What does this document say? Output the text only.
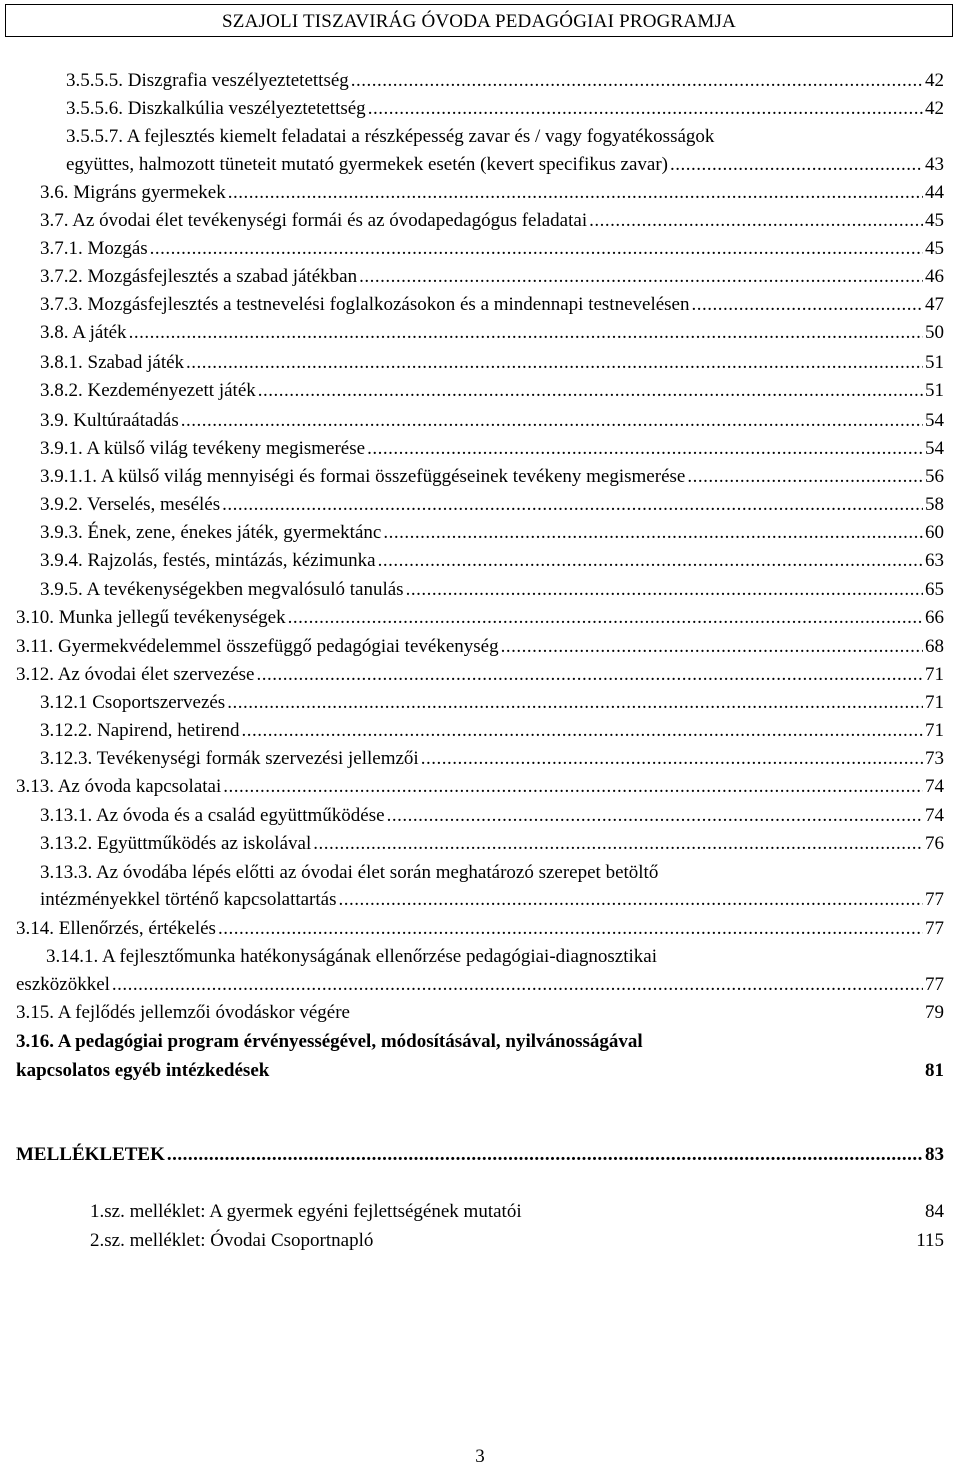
SZAJOLI TISZAVIRÁG ÓVODA PEDAGÓGIAI PROGRAMJA
3.5.5.5. Diszgrafia veszélyeztetettség .....	42
3.5.5.6. Diszkalkúlia veszélyeztetettség .....	42
3.5.5.7. A fejlesztés kiemelt feladatai a részképesség zavar és / vagy fogyatékosságok
együttes, halmozott tüneteit mutató gyermekek esetén (kevert specifikus zavar) .....	43
3.6. Migráns gyermekek .....	44
3.7. Az óvodai élet tevékenységi formái és az óvodapedagógus feladatai .....	45
3.7.1. Mozgás .....	45
3.7.2. Mozgásfejlesztés a szabad játékban .....	46
3.7.3. Mozgásfejlesztés a testnevelési foglalkozásokon és a mindennapi testnevelésen .....	47
3.8. A játék .....	50
3.8.1. Szabad játék .....	51
3.8.2. Kezdeményezett játék .....	51
3.9. Kultúraátadás .....	54
3.9.1. A külső világ tevékeny megismerése .....	54
3.9.1.1. A külső világ mennyiségi és formai összefüggéseinek tevékeny megismerése .....	56
3.9.2. Verselés, mesélés .....	58
3.9.3. Ének, zene, énekes játék, gyermektánc .....	60
3.9.4. Rajzolás, festés, mintázás, kézimunka .....	63
3.9.5. A tevékenységekben megvalósuló tanulás .....	65
3.10. Munka jellegű tevékenységek .....	66
3.11. Gyermekvédelemmel összefüggő pedagógiai tevékenység .....	68
3.12. Az óvodai élet szervezése .....	71
3.12.1 Csoportszervezés .....	71
3.12.2. Napirend, hetirend .....	71
3.12.3. Tevékenységi formák szervezési jellemzői .....	73
3.13. Az óvoda kapcsolatai .....	74
3.13.1. Az óvoda és a család együttműködése .....	74
3.13.2. Együttműködés az iskolával .....	76
3.13.3. Az óvodába lépés előtti az óvodai élet során meghatározó szerepet betöltő
intézményekkel történő kapcsolattartás .....	77
3.14. Ellenőrzés, értékelés .....	77
3.14.1. A fejlesztőmunka hatékonyságának ellenőrzése pedagógiai-diagnosztikai
eszközökkel .....	77
3.15. A fejlődés jellemzői óvodáskor végére	79
3.16. A pedagógiai program érvényességével, módosításával, nyilvánosságával
kapcsolatos egyéb intézkedések	81
MELLÉKLETEK .....	83
1.sz. melléklet: A gyermek egyéni fejlettségének mutatói	84
2.sz. melléklet: Óvodai Csoportnapló	115
3
